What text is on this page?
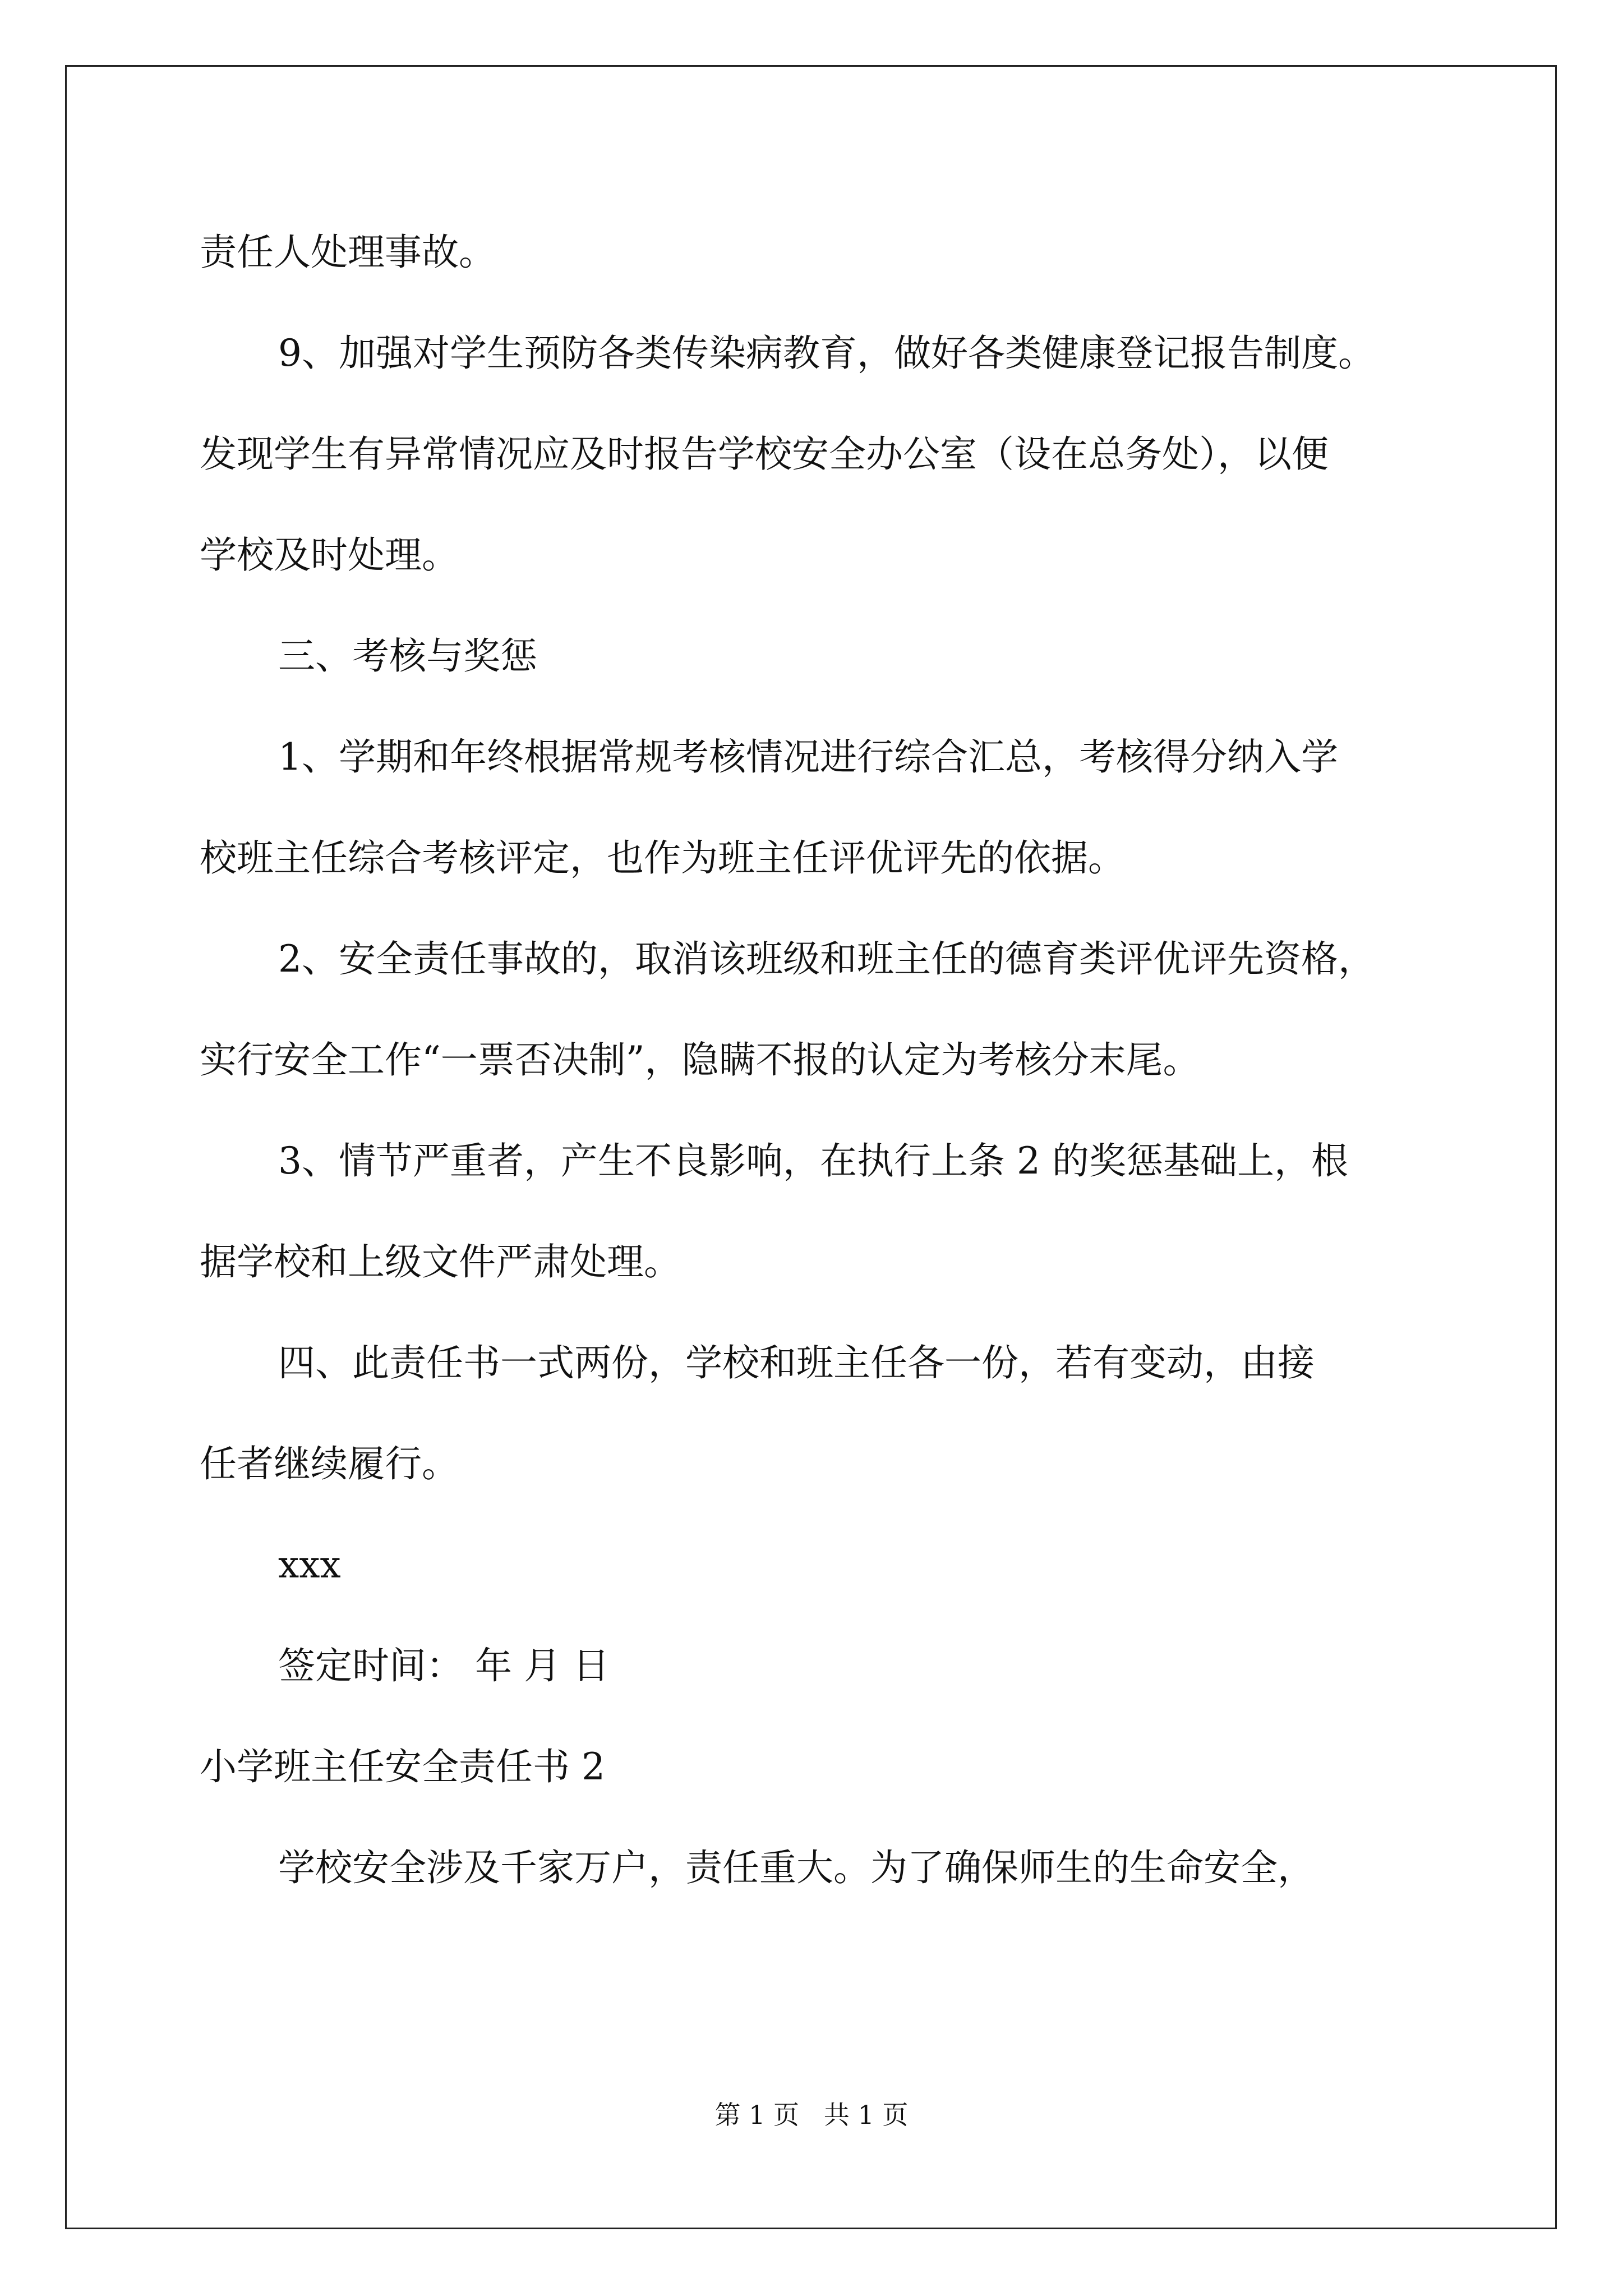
责任人处理事故。
9、加强对学生预防各类传染病教育，做好各类健康登记报告制度。
发现学生有异常情况应及时报告学校安全办公室（设在总务处），以便
学校及时处理。
三、考核与奖惩
1、学期和年终根据常规考核情况进行综合汇总，考核得分纳入学
校班主任综合考核评定，也作为班主任评优评先的依据。
2、安全责任事故的，取消该班级和班主任的德育类评优评先资格，
实行安全工作“一票否决制”，隐瞒不报的认定为考核分末尾。
3、情节严重者，产生不良影响，在执行上条 2 的奖惩基础上，根
据学校和上级文件严肃处理。
四、此责任书一式两份，学校和班主任各一份，若有变动，由接
任者继续履行。
xxx
签定时间： 年 月 日
小学班主任安全责任书 2
学校安全涉及千家万户，责任重大。为了确保师生的生命安全，
第 1 页   共 1 页
